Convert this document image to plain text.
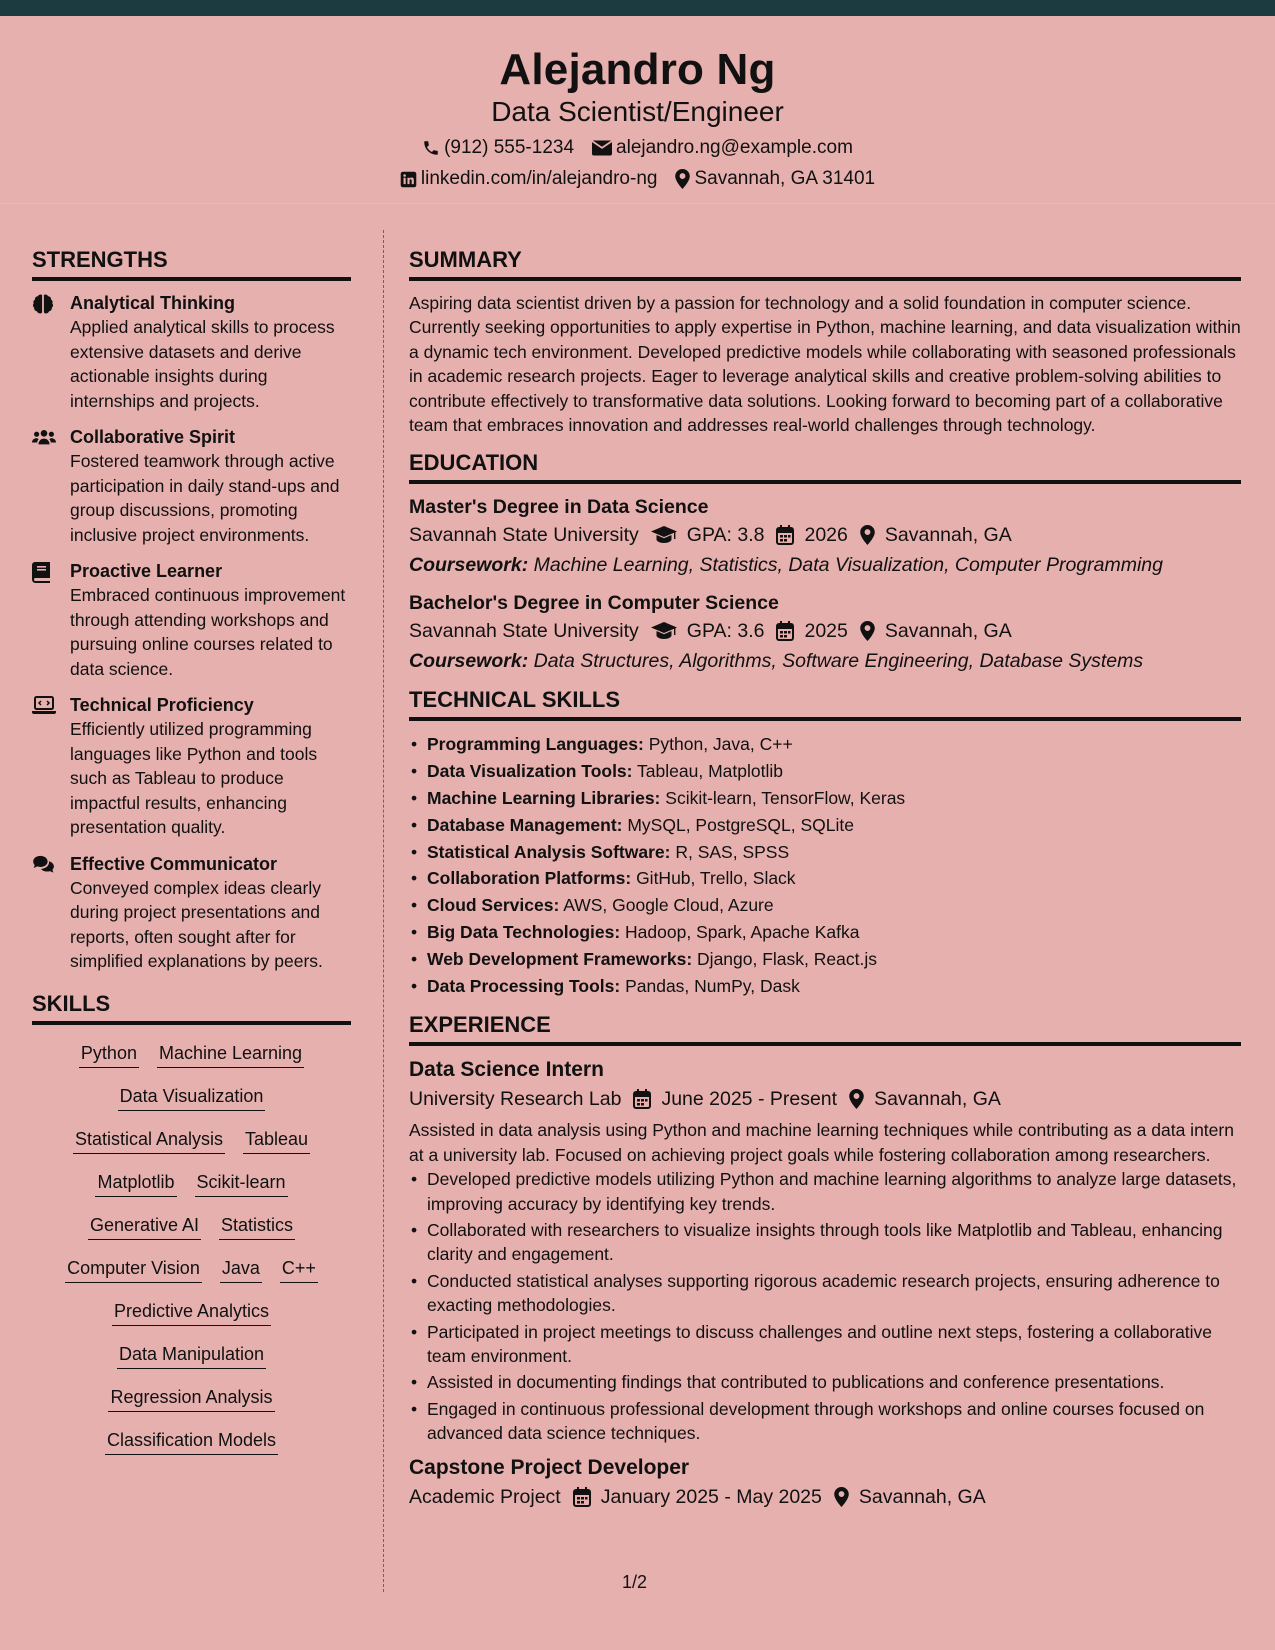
Alejandro Ng
Data Scientist/Engineer
(912) 555-1234 alejandro.ng@example.com
linkedin.com/in/alejandro-ng Savannah, GA 31401
STRENGTHS
Analytical Thinking
Applied analytical skills to process extensive datasets and derive actionable insights during internships and projects.
Collaborative Spirit
Fostered teamwork through active participation in daily stand-ups and group discussions, promoting inclusive project environments.
Proactive Learner
Embraced continuous improvement through attending workshops and pursuing online courses related to data science.
Technical Proficiency
Efficiently utilized programming languages like Python and tools such as Tableau to produce impactful results, enhancing presentation quality.
Effective Communicator
Conveyed complex ideas clearly during project presentations and reports, often sought after for simplified explanations by peers.
SKILLS
Python Machine Learning
Data Visualization
Statistical Analysis Tableau
Matplotlib Scikit-learn
Generative AI Statistics
Computer Vision Java C++
Predictive Analytics
Data Manipulation
Regression Analysis
Classification Models
SUMMARY
Aspiring data scientist driven by a passion for technology and a solid foundation in computer science. Currently seeking opportunities to apply expertise in Python, machine learning, and data visualization within a dynamic tech environment. Developed predictive models while collaborating with seasoned professionals in academic research projects. Eager to leverage analytical skills and creative problem-solving abilities to contribute effectively to transformative data solutions. Looking forward to becoming part of a collaborative team that embraces innovation and addresses real-world challenges through technology.
EDUCATION
Master's Degree in Data Science
Savannah State University GPA: 3.8 2026 Savannah, GA
Coursework: Machine Learning, Statistics, Data Visualization, Computer Programming
Bachelor's Degree in Computer Science
Savannah State University GPA: 3.6 2025 Savannah, GA
Coursework: Data Structures, Algorithms, Software Engineering, Database Systems
TECHNICAL SKILLS
• Programming Languages: Python, Java, C++
• Data Visualization Tools: Tableau, Matplotlib
• Machine Learning Libraries: Scikit-learn, TensorFlow, Keras
• Database Management: MySQL, PostgreSQL, SQLite
• Statistical Analysis Software: R, SAS, SPSS
• Collaboration Platforms: GitHub, Trello, Slack
• Cloud Services: AWS, Google Cloud, Azure
• Big Data Technologies: Hadoop, Spark, Apache Kafka
• Web Development Frameworks: Django, Flask, React.js
• Data Processing Tools: Pandas, NumPy, Dask
EXPERIENCE
Data Science Intern
University Research Lab June 2025 - Present Savannah, GA
Assisted in data analysis using Python and machine learning techniques while contributing as a data intern at a university lab. Focused on achieving project goals while fostering collaboration among researchers.
• Developed predictive models utilizing Python and machine learning algorithms to analyze large datasets, improving accuracy by identifying key trends.
• Collaborated with researchers to visualize insights through tools like Matplotlib and Tableau, enhancing clarity and engagement.
• Conducted statistical analyses supporting rigorous academic research projects, ensuring adherence to exacting methodologies.
• Participated in project meetings to discuss challenges and outline next steps, fostering a collaborative team environment.
• Assisted in documenting findings that contributed to publications and conference presentations.
• Engaged in continuous professional development through workshops and online courses focused on advanced data science techniques.
Capstone Project Developer
Academic Project January 2025 - May 2025 Savannah, GA
1/2
